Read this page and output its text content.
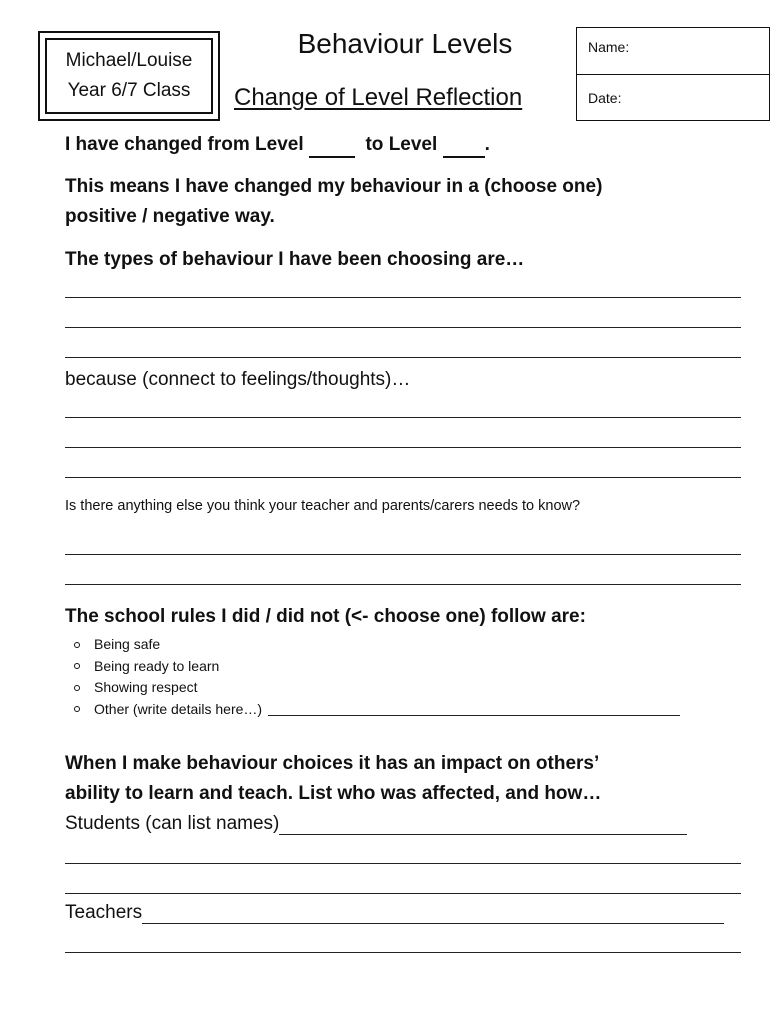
Michael/Louise
Year 6/7 Class
Behaviour Levels
Change of Level Reflection
Name:
Date:
I have changed from Level	to Level .
This means I have changed my behaviour in a (choose one)
positive / negative way.
The types of behaviour I have been choosing are…
because (connect to feelings/thoughts)…
Is there anything else you think your teacher and parents/carers needs to know?
The school rules I did / did not (<- choose one) follow are:
Being safe
Being ready to learn
Showing respect
Other (write details here…)
When I make behaviour choices it has an impact on others’
ability to learn and teach. List who was affected, and how…
Students (can list names)
Teachers
